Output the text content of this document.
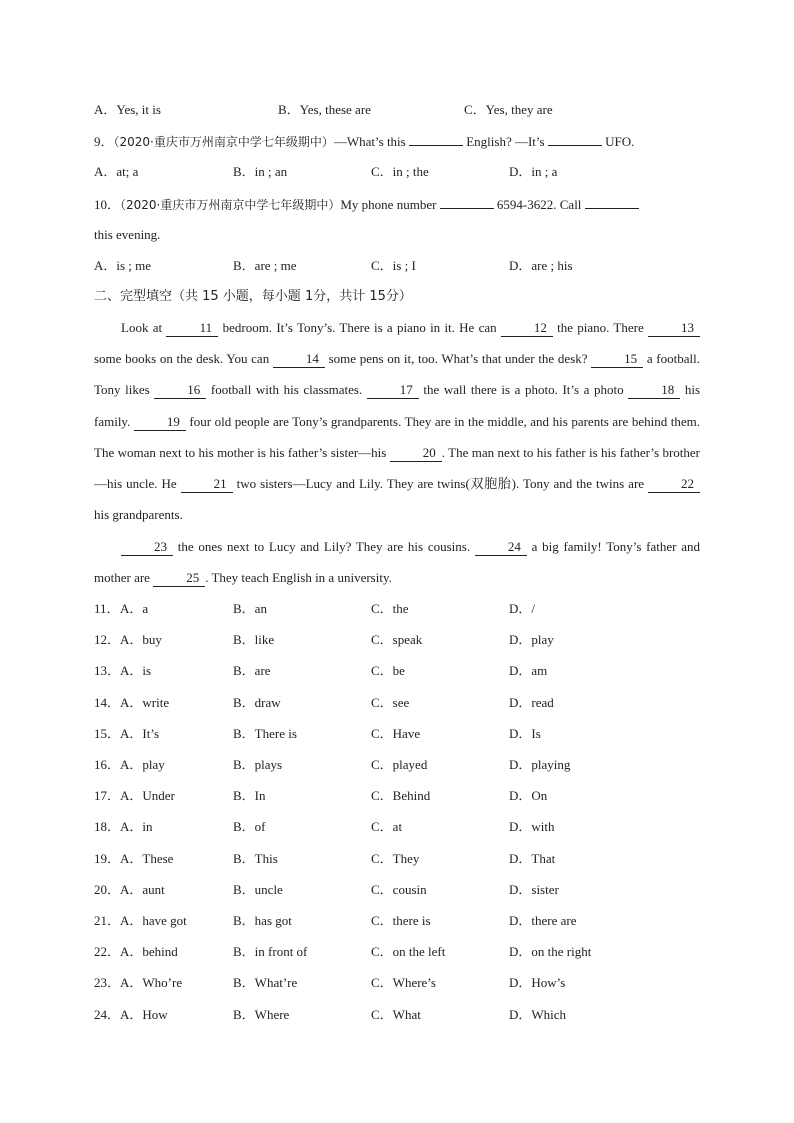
A．Yes, it is	B．Yes, these are	C．Yes, they are
9．（2020·重庆市万州南京中学七年级期中）—What’s this	English? —It’s	UFO.
A．at; a	B．in ; an	C．in ; the	D．in ; a
10．（2020·重庆市万州南京中学七年级期中）My phone number	6594-3622. Call
this evening.
A．is ; me	B．are ; me	C．is ; I	D．are ; his
二、完型填空（共 15 小题，每小题 1分，共计 15分）
Look at	11 bedroom. It’s Tony’s. There is a piano in it. He can	12 the piano. There	13 some books on the desk. You can	14 some pens on it, too. What’s that under the desk?	15 a football. Tony likes	16 football with his classmates.	17 the wall there is a photo. It’s a photo	18 his family.	19 four old people are Tony’s grandparents. They are in the middle, and his parents are behind them. The woman next to his mother is his father’s sister—his	20 . The man next to his father is his father’s brother—his uncle. He	21 two sisters—Lucy and Lily. They are twins(双胞胎). Tony and the twins are	22 his grandparents.
23 the ones next to Lucy and Lily? They are his cousins.	24 a big family! Tony’s father and mother are	25 . They teach English in a university.
11． A．a	B．an	C．the	D．/
12． A．buy	B．like	C．speak	D．play
13． A．is	B．are	C．be	D．am
14． A．write	B．draw	C．see	D．read
15． A．It’s	B．There is	C．Have	D．Is
16． A．play	B．plays	C．played	D．playing
17． A．Under	B．In	C．Behind	D．On
18． A．in	B．of	C．at	D．with
19． A．These	B．This	C．They	D．That
20． A．aunt	B．uncle	C．cousin	D．sister
21． A．have got	B．has got	C．there is	D．there are
22． A．behind	B．in front of	C．on the left	D．on the right
23． A．Who’re	B．What’re	C．Where’s	D．How’s
24． A．How	B．Where	C．What	D．Which
